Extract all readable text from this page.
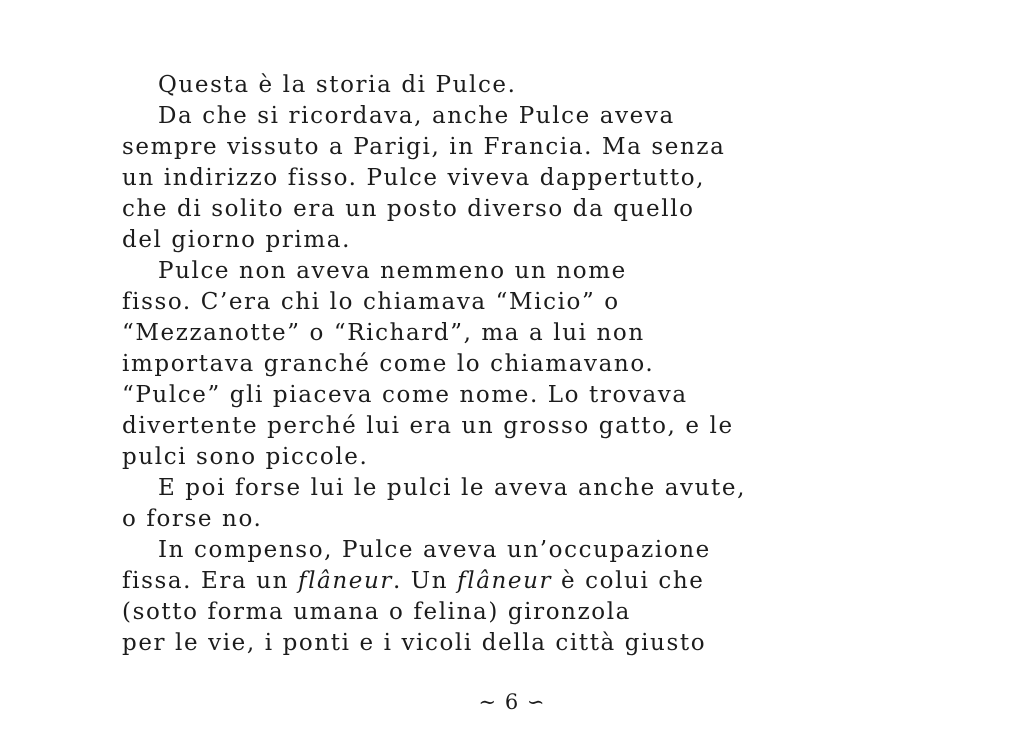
Questa è la storia di Pulce.
Da che si ricordava, anche Pulce aveva
sempre vissuto a Parigi, in Francia. Ma senza
un indirizzo fisso. Pulce viveva dappertutto,
che di solito era un posto diverso da quello
del giorno prima.
Pulce non aveva nemmeno un nome
fisso. C’era chi lo chiamava “Micio” o
“Mezzanotte” o “Richard”, ma a lui non
importava granché come lo chiamavano.
“Pulce” gli piaceva come nome. Lo trovava
divertente perché lui era un grosso gatto, e le
pulci sono piccole.
E poi forse lui le pulci le aveva anche avute,
o forse no.
In compenso, Pulce aveva un’occupazione
fissa. Era un flâneur. Un flâneur è colui che
(sotto forma umana o felina) gironzola
per le vie, i ponti e i vicoli della città giusto
∼ 6 ∽
